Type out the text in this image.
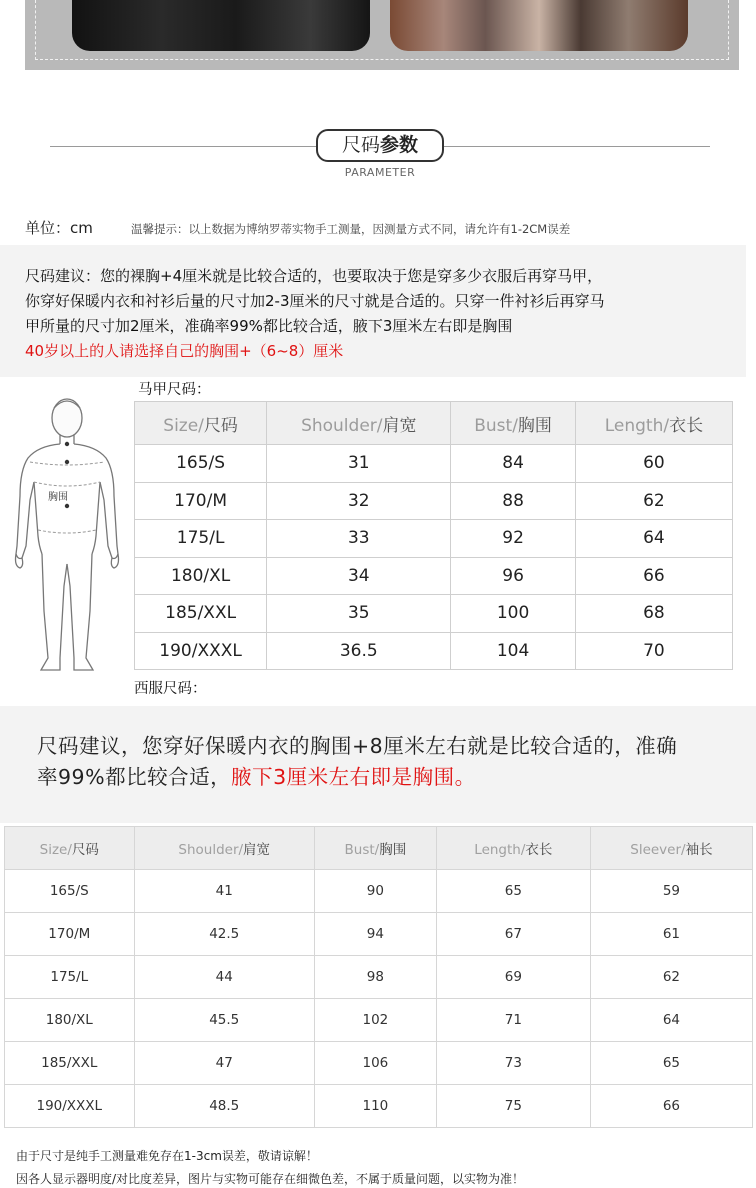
尺码参数
PARAMETER
单位：cm	温馨提示：以上数据为博纳罗蒂实物手工测量，因测量方式不同，请允许有1-2CM误差
尺码建议：您的裸胸+4厘米就是比较合适的，也要取决于您是穿多少衣服后再穿马甲，
你穿好保暖内衣和衬衫后量的尺寸加2-3厘米的尺寸就是合适的。只穿一件衬衫后再穿马
甲所量的尺寸加2厘米，准确率99%都比较合适，腋下3厘米左右即是胸围
40岁以上的人请选择自己的胸围+（6~8）厘米
马甲尺码：
胸围
Size/尺码	Shoulder/肩宽	Bust/胸围	Length/衣长
165/S	31	84	60
170/M	32	88	62
175/L	33	92	64
180/XL	34	96	66
185/XXL	35	100	68
190/XXXL	36.5	104	70
西服尺码：
尺码建议，您穿好保暖内衣的胸围+8厘米左右就是比较合适的，准确
率99%都比较合适，腋下3厘米左右即是胸围。
Size/尺码	Shoulder/肩宽	Bust/胸围	Length/衣长	Sleever/袖长
165/S	41	90	65	59
170/M	42.5	94	67	61
175/L	44	98	69	62
180/XL	45.5	102	71	64
185/XXL	47	106	73	65
190/XXXL	48.5	110	75	66
由于尺寸是纯手工测量难免存在1-3cm误差，敬请谅解！
因各人显示器明度/对比度差异，图片与实物可能存在细微色差，不属于质量问题，以实物为准！
